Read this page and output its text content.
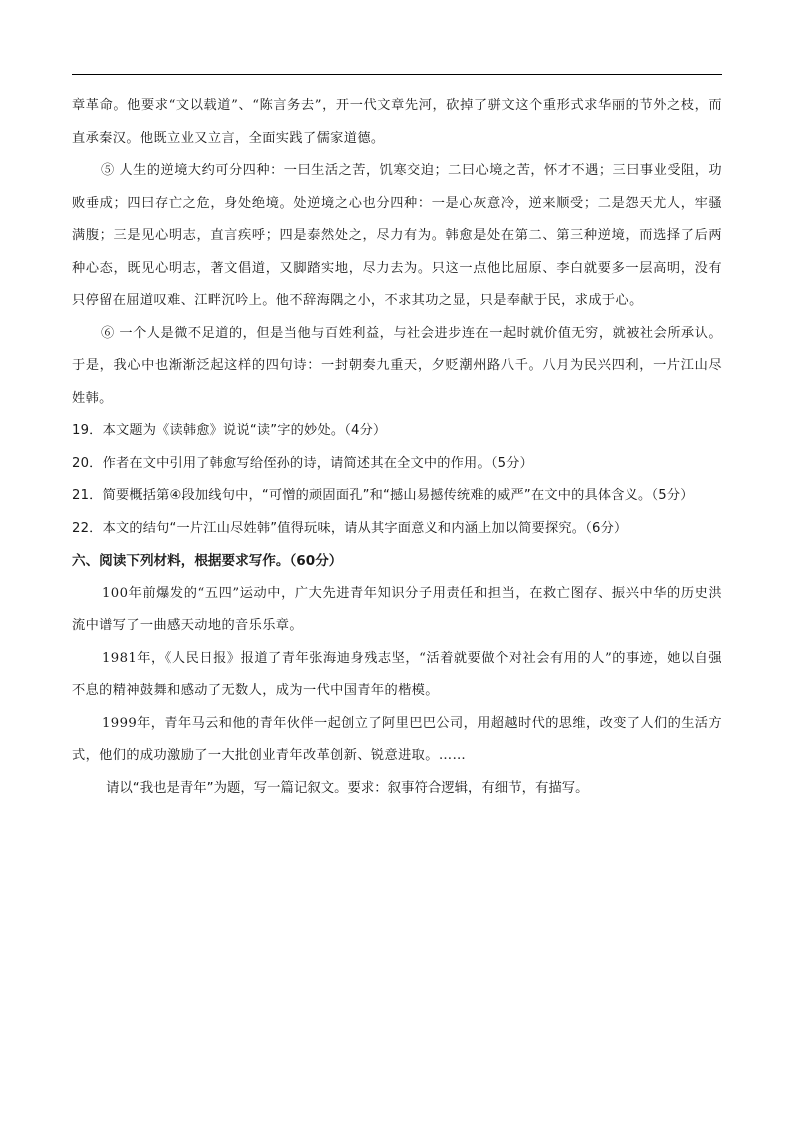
章革命。他要求“文以载道”、“陈言务去”，开一代文章先河，砍掉了骈文这个重形式求华丽的节外之枝，而直承秦汉。他既立业又立言，全面实践了儒家道德。

⑤ 人生的逆境大约可分四种：一曰生活之苦，饥寒交迫；二曰心境之苦，怀才不遇；三曰事业受阻，功败垂成；四曰存亡之危，身处绝境。处逆境之心也分四种：一是心灰意冷，逆来顺受；二是怨天尤人，牢骚满腹；三是见心明志，直言疾呼；四是泰然处之，尽力有为。韩愈是处在第二、第三种逆境，而选择了后两种心态，既见心明志，著文倡道，又脚踏实地，尽力去为。只这一点他比屈原、李白就要多一层高明，没有只停留在屈道叹难、江畔沉吟上。他不辞海隅之小，不求其功之显，只是奉献于民，求成于心。

⑥ 一个人是微不足道的，但是当他与百姓利益，与社会进步连在一起时就价值无穷，就被社会所承认。于是，我心中也渐渐泛起这样的四句诗：一封朝奏九重天，夕贬潮州路八千。八月为民兴四利，一片江山尽姓韩。

19．本文题为《读韩愈》说说“读”字的妙处。（4分）

20．作者在文中引用了韩愈写给侄孙的诗，请简述其在全文中的作用。（5分）

21．简要概括第④段加线句中，“可憎的顽固面孔”和“撼山易撼传统难的威严”在文中的具体含义。（5分）

22．本文的结句“一片江山尽姓韩”值得玩味，请从其字面意义和内涵上加以简要探究。（6分）

六、阅读下列材料，根据要求写作。（60分）

100年前爆发的“五四”运动中，广大先进青年知识分子用责任和担当，在救亡图存、振兴中华的历史洪流中谱写了一曲感天动地的音乐乐章。

1981年，《人民日报》报道了青年张海迪身残志坚，“活着就要做个对社会有用的人”的事迹，她以自强不息的精神鼓舞和感动了无数人，成为一代中国青年的楷模。

1999年，青年马云和他的青年伙伴一起创立了阿里巴巴公司，用超越时代的思维，改变了人们的生活方式，他们的成功激励了一大批创业青年改革创新、锐意进取。……

请以“我也是青年”为题，写一篇记叙文。要求：叙事符合逻辑，有细节，有描写。
